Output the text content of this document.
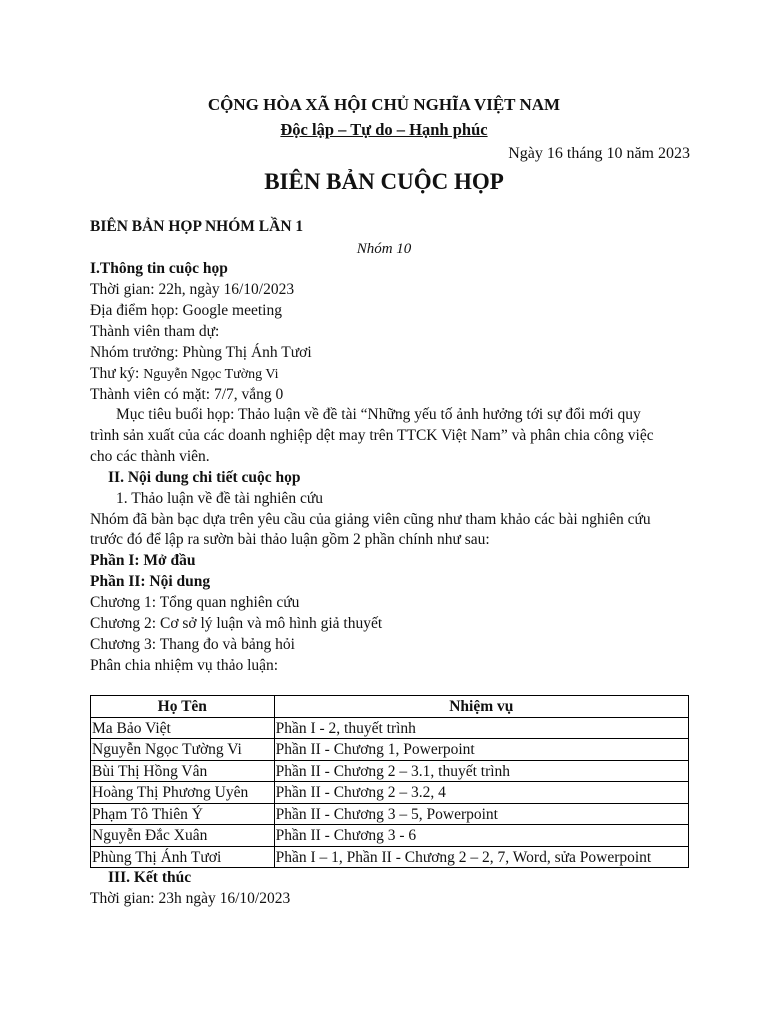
CỘNG HÒA XÃ HỘI CHỦ NGHĨA VIỆT NAM
Độc lập – Tự do – Hạnh phúc
Ngày 16 tháng 10 năm 2023
BIÊN BẢN CUỘC HỌP
BIÊN BẢN HỌP NHÓM LẦN 1
Nhóm 10
I.Thông tin cuộc họp
Thời gian: 22h, ngày 16/10/2023
Địa điểm họp: Google meeting
Thành viên tham dự:
Nhóm trưởng: Phùng Thị Ánh Tươi
Thư ký: Nguyễn Ngọc Tường Vi
Thành viên có mặt: 7/7, vắng 0
Mục tiêu buổi họp: Thảo luận về đề tài “Những yếu tố ảnh hưởng tới sự đổi mới quy
trình sản xuất của các doanh nghiệp dệt may trên TTCK Việt Nam” và phân chia công việc
cho các thành viên.
II. Nội dung chi tiết cuộc họp
1. Thảo luận về đề tài nghiên cứu
Nhóm đã bàn bạc dựa trên yêu cầu của giảng viên cũng như tham khảo các bài nghiên cứu
trước đó để lập ra sườn bài thảo luận gồm 2 phần chính như sau:
Phần I: Mở đầu
Phần II: Nội dung
Chương 1: Tổng quan nghiên cứu
Chương 2: Cơ sở lý luận và mô hình giả thuyết
Chương 3: Thang đo và bảng hỏi
Phân chia nhiệm vụ thảo luận:
Họ Tên	Nhiệm vụ
Ma Bảo Việt	Phần I - 2, thuyết trình
Nguyễn Ngọc Tường Vi	Phần II - Chương 1, Powerpoint
Bùi Thị Hồng Vân	Phần II - Chương 2 – 3.1, thuyết trình
Hoàng Thị Phương Uyên	Phần II - Chương 2 – 3.2, 4
Phạm Tô Thiên Ý	Phần II - Chương 3 – 5, Powerpoint
Nguyễn Đắc Xuân	Phần II - Chương 3 - 6
Phùng Thị Ánh Tươi	Phần I – 1, Phần II - Chương 2 – 2, 7, Word, sửa Powerpoint
III. Kết thúc
Thời gian: 23h ngày 16/10/2023
